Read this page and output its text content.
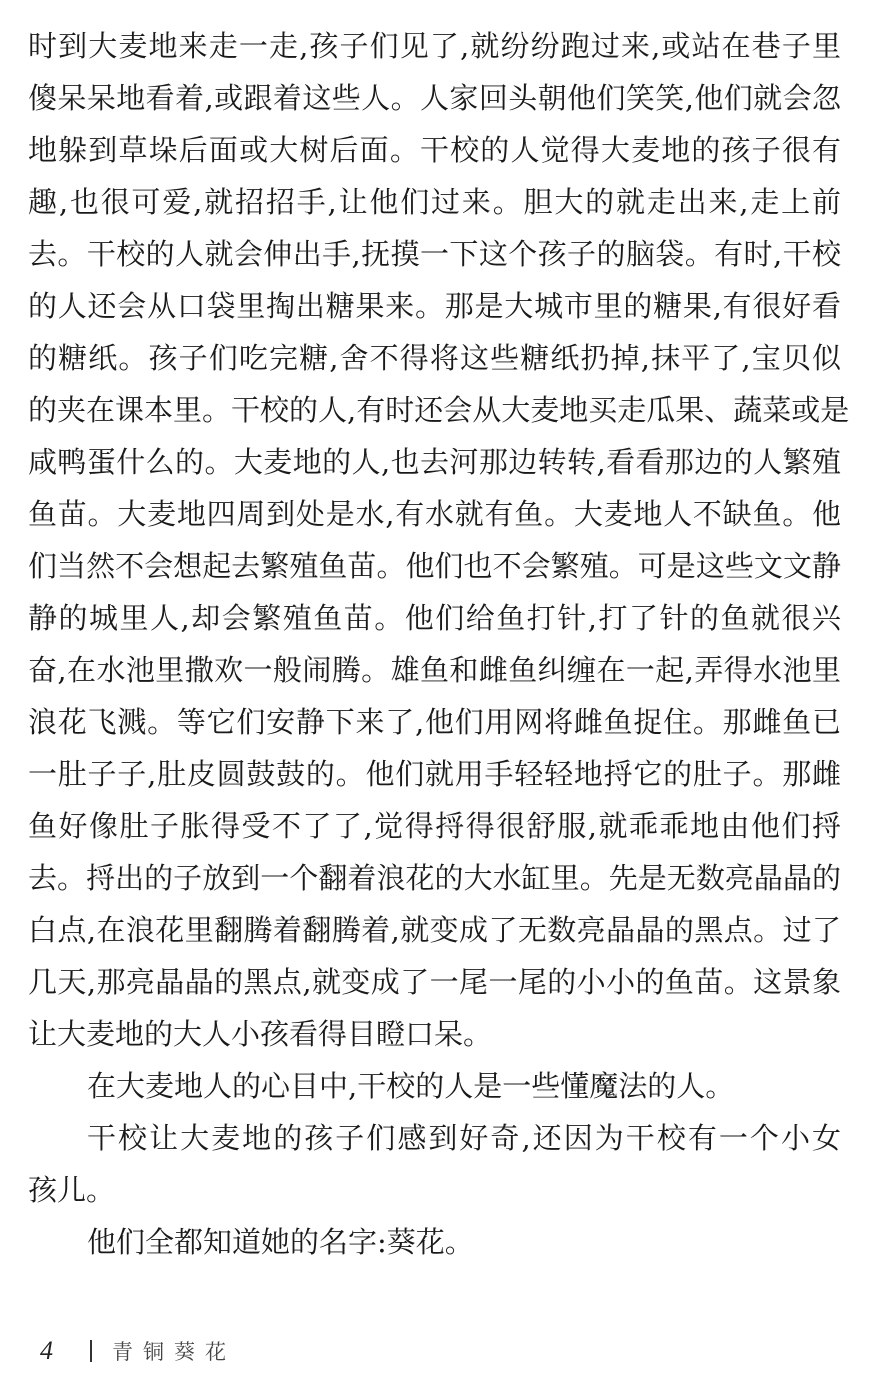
时到大麦地来走一走,孩子们见了,就纷纷跑过来,或站在巷子里
傻呆呆地看着,或跟着这些人。人家回头朝他们笑笑,他们就会忽
地躲到草垛后面或大树后面。干校的人觉得大麦地的孩子很有
趣,也很可爱,就招招手,让他们过来。胆大的就走出来,走上前
去。干校的人就会伸出手,抚摸一下这个孩子的脑袋。有时,干校
的人还会从口袋里掏出糖果来。那是大城市里的糖果,有很好看
的糖纸。孩子们吃完糖,舍不得将这些糖纸扔掉,抹平了,宝贝似
的夹在课本里。干校的人,有时还会从大麦地买走瓜果、蔬菜或是
咸鸭蛋什么的。大麦地的人,也去河那边转转,看看那边的人繁殖
鱼苗。大麦地四周到处是水,有水就有鱼。大麦地人不缺鱼。他
们当然不会想起去繁殖鱼苗。他们也不会繁殖。可是这些文文静
静的城里人,却会繁殖鱼苗。他们给鱼打针,打了针的鱼就很兴
奋,在水池里撒欢一般闹腾。雄鱼和雌鱼纠缠在一起,弄得水池里
浪花飞溅。等它们安静下来了,他们用网将雌鱼捉住。那雌鱼已
一肚子子,肚皮圆鼓鼓的。他们就用手轻轻地捋它的肚子。那雌
鱼好像肚子胀得受不了了,觉得捋得很舒服,就乖乖地由他们捋
去。捋出的子放到一个翻着浪花的大水缸里。先是无数亮晶晶的
白点,在浪花里翻腾着翻腾着,就变成了无数亮晶晶的黑点。过了
几天,那亮晶晶的黑点,就变成了一尾一尾的小小的鱼苗。这景象
让大麦地的大人小孩看得目瞪口呆。
在大麦地人的心目中,干校的人是一些懂魔法的人。
干校让大麦地的孩子们感到好奇,还因为干校有一个小女
孩儿。
他们全都知道她的名字:葵花。
4	青铜葵花
